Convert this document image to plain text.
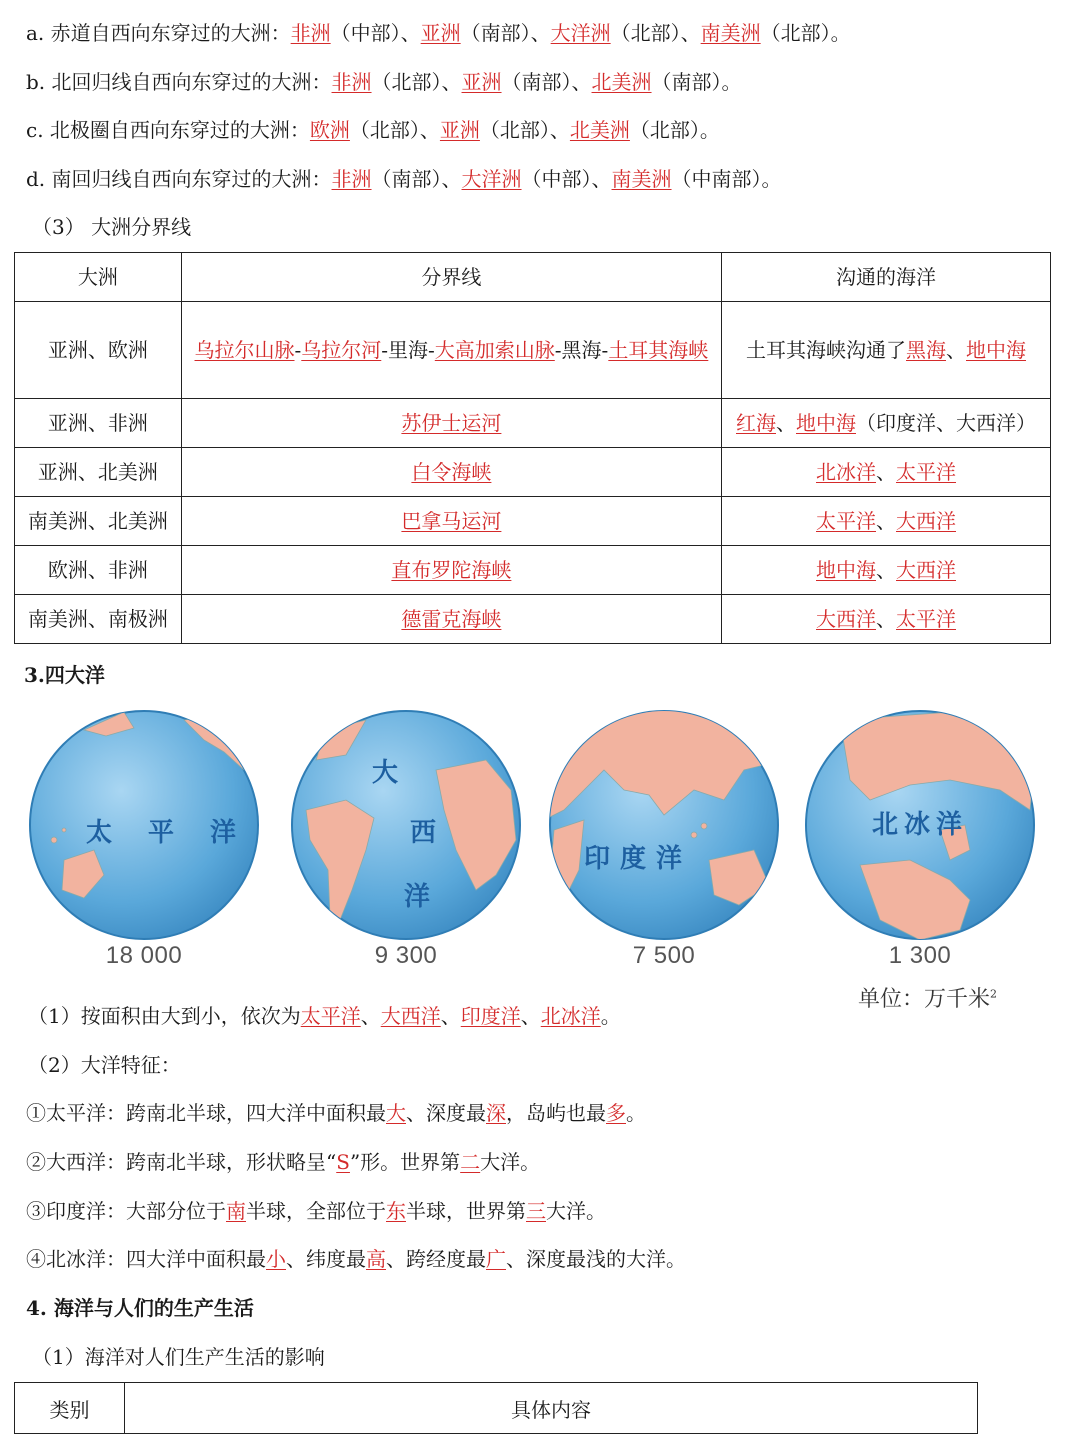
a. 赤道自西向东穿过的大洲：非洲（中部）、亚洲（南部）、大洋洲（北部）、南美洲（北部）。
b. 北回归线自西向东穿过的大洲：非洲（北部）、亚洲（南部）、北美洲（南部）。
c. 北极圈自西向东穿过的大洲：欧洲（北部）、亚洲（北部）、北美洲（北部）。
d. 南回归线自西向东穿过的大洲：非洲（南部）、大洋洲（中部）、南美洲（中南部）。
（3） 大洲分界线
大洲	分界线	沟通的海洋
亚洲、欧洲	乌拉尔山脉-乌拉尔河-里海-大高加索山脉-黑海-土耳其海峡	土耳其海峡沟通了黑海、地中海
亚洲、非洲	苏伊士运河	红海、地中海（印度洋、大西洋）
亚洲、北美洲	白令海峡	北冰洋、太平洋
南美洲、北美洲	巴拿马运河	太平洋、大西洋
欧洲、非洲	直布罗陀海峡	地中海、大西洋
南美洲、南极洲	德雷克海峡	大西洋、太平洋
3.四大洋
太 平 洋
18 000
大
西
洋
9 300
印 度 洋
7 500
北 冰 洋
1 300
单位：万千米$^2$
（1）按面积由大到小，依次为太平洋、大西洋、印度洋、北冰洋。
（2）大洋特征：
①太平洋：跨南北半球，四大洋中面积最大、深度最深，岛屿也最多。
②大西洋：跨南北半球，形状略呈“S”形。世界第二大洋。
③印度洋：大部分位于南半球，全部位于东半球，世界第三大洋。
④北冰洋：四大洋中面积最小、纬度最高、跨经度最广、深度最浅的大洋。
4. 海洋与人们的生产生活
（1）海洋对人们生产生活的影响
类别	具体内容
